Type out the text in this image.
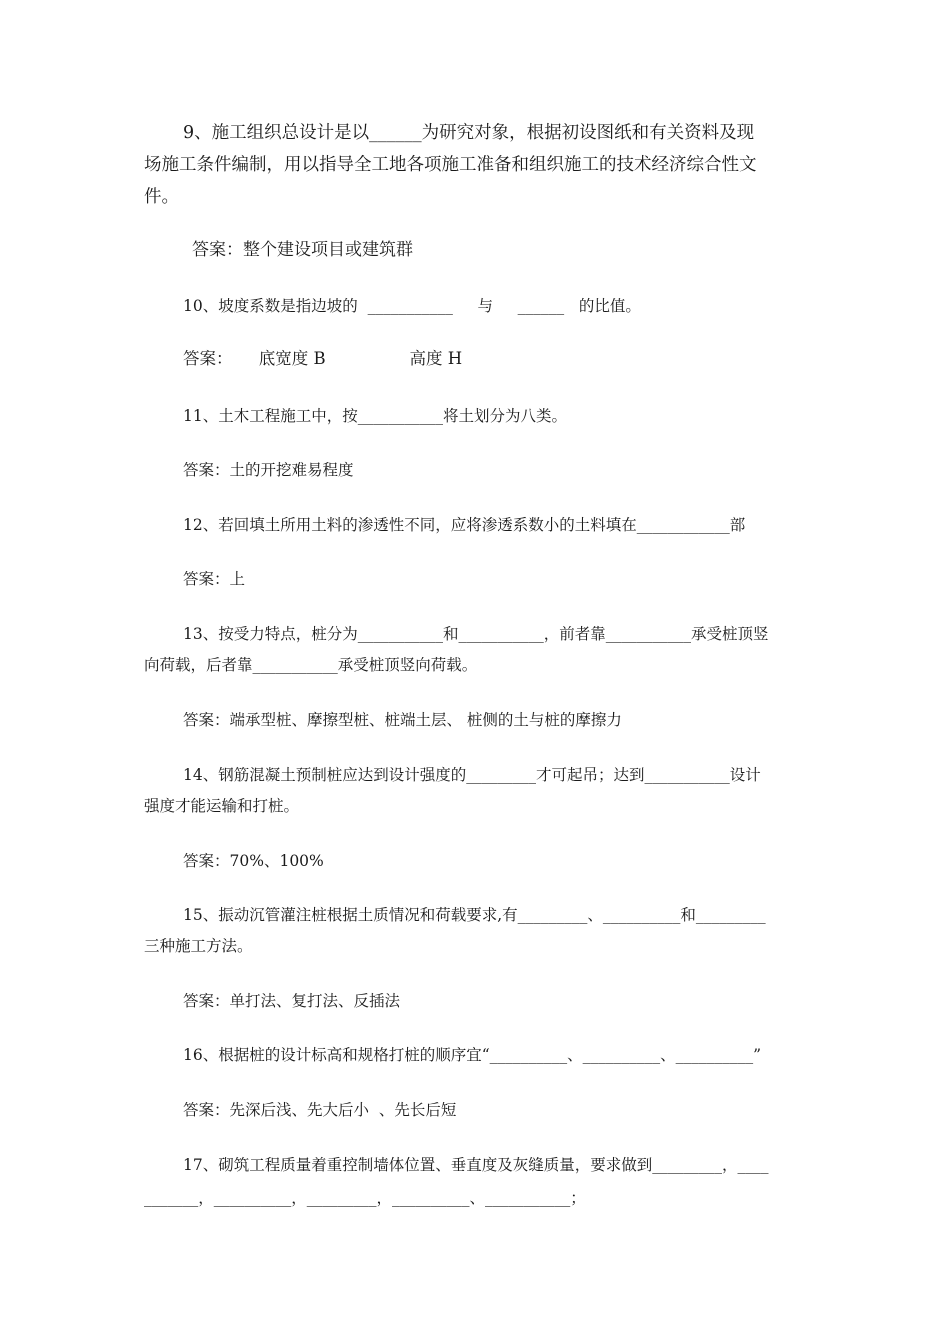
9、施工组织总设计是以______为研究对象，根据初设图纸和有关资料及现
场施工条件编制，用以指导全工地各项施工准备和组织施工的技术经济综合性文
件。
答案：整个建设项目或建筑群
10、坡度系数是指边坡的  ___________     与     ______   的比值。
答案：     底宽度 B                高度 H
11、土木工程施工中，按___________将土划分为八类。
答案：土的开挖难易程度
12、若回填土所用土料的渗透性不同，应将渗透系数小的土料填在____________部
答案：上
13、按受力特点，桩分为___________和___________，前者靠___________承受桩顶竖
向荷载，后者靠___________承受桩顶竖向荷载。
答案：端承型桩、摩擦型桩、桩端土层、 桩侧的土与桩的摩擦力
14、钢筋混凝土预制桩应达到设计强度的_________才可起吊；达到___________设计
强度才能运输和打桩。
答案：70%、100%
15、振动沉管灌注桩根据土质情况和荷载要求,有_________、__________和_________
三种施工方法。
答案：单打法、复打法、反插法
16、根据桩的设计标高和规格打桩的顺序宜“__________、__________、__________”
答案：先深后浅、先大后小  、先长后短
17、砌筑工程质量着重控制墙体位置、垂直度及灰缝质量，要求做到_________，____
_______，__________，_________，__________、___________；
